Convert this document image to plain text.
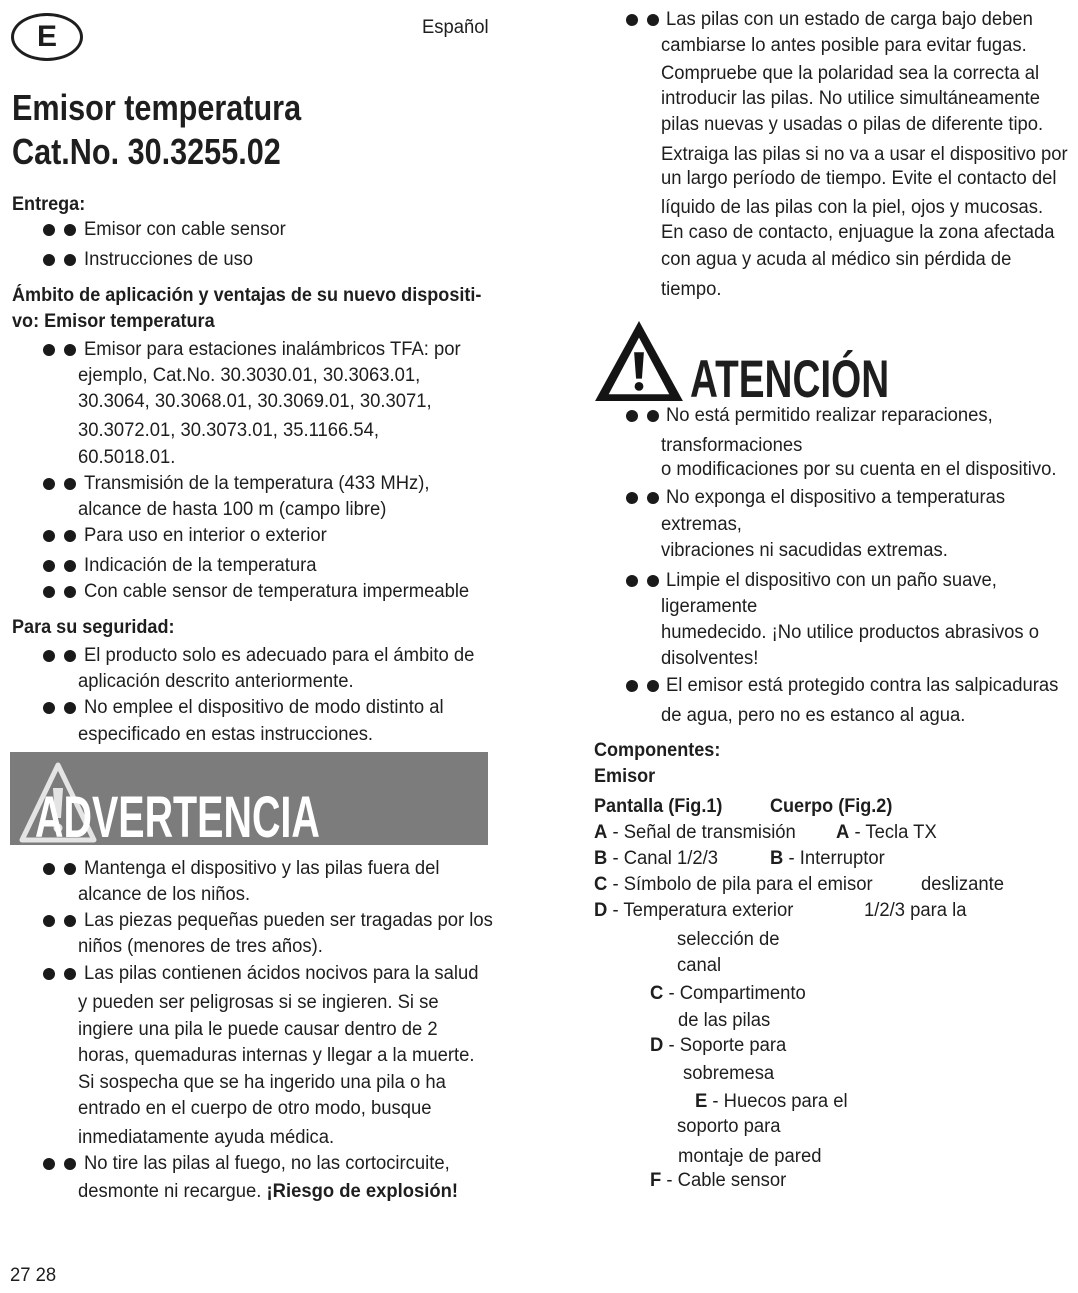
E	Español
Emisor temperatura
Cat.No. 30.3255.02
Entrega:
Emisor con cable sensor
Instrucciones de uso
Ámbito de aplicación y ventajas de su nuevo dispositi-
vo: Emisor temperatura
Emisor para estaciones inalámbricos TFA: por
ejemplo, Cat.No. 30.3030.01, 30.3063.01,
30.3064, 30.3068.01, 30.3069.01, 30.3071,
30.3072.01, 30.3073.01, 35.1166.54,
60.5018.01.
Transmisión de la temperatura (433 MHz),
alcance de hasta 100 m (campo libre)
Para uso en interior o exterior
Indicación de la temperatura
Con cable sensor de temperatura impermeable
Para su seguridad:
El producto solo es adecuado para el ámbito de
aplicación descrito anteriormente.
No emplee el dispositivo de modo distinto al
especificado en estas instrucciones.
ADVERTENCIA
Mantenga el dispositivo y las pilas fuera del
alcance de los niños.
Las piezas pequeñas pueden ser tragadas por los
niños (menores de tres años).
Las pilas contienen ácidos nocivos para la salud
y pueden ser peligrosas si se ingieren. Si se
ingiere una pila le puede causar dentro de 2
horas, quemaduras internas y llegar a la muerte.
Si sospecha que se ha ingerido una pila o ha
entrado en el cuerpo de otro modo, busque
inmediatamente ayuda médica.
No tire las pilas al fuego, no las cortocircuite,
desmonte ni recargue. ¡Riesgo de explosión!
Las pilas con un estado de carga bajo deben
cambiarse lo antes posible para evitar fugas.
Compruebe que la polaridad sea la correcta al
introducir las pilas. No utilice simultáneamente
pilas nuevas y usadas o pilas de diferente tipo.
Extraiga las pilas si no va a usar el dispositivo por
un largo período de tiempo. Evite el contacto del
líquido de las pilas con la piel, ojos y mucosas.
En caso de contacto, enjuague la zona afectada
con agua y acuda al médico sin pérdida de
tiempo.
ATENCIÓN
No está permitido realizar reparaciones,
transformaciones
o modificaciones por su cuenta en el dispositivo.
No exponga el dispositivo a temperaturas
extremas,
vibraciones ni sacudidas extremas.
Limpie el dispositivo con un paño suave,
ligeramente
humedecido. ¡No utilice productos abrasivos o
disolventes!
El emisor está protegido contra las salpicaduras
de agua, pero no es estanco al agua.
Componentes:
Emisor
Pantalla (Fig.1)	Cuerpo (Fig.2)
A - Señal de transmisión
B - Canal 1/2/3
C - Símbolo de pila para el emisor
D - Temperatura exterior
A - Tecla TX
B - Interruptor
deslizante
1/2/3 para la
selección de
canal
C - Compartimento
de las pilas
D - Soporte para
sobremesa
E - Huecos para el
soporto para
montaje de pared
F - Cable sensor
27 28
